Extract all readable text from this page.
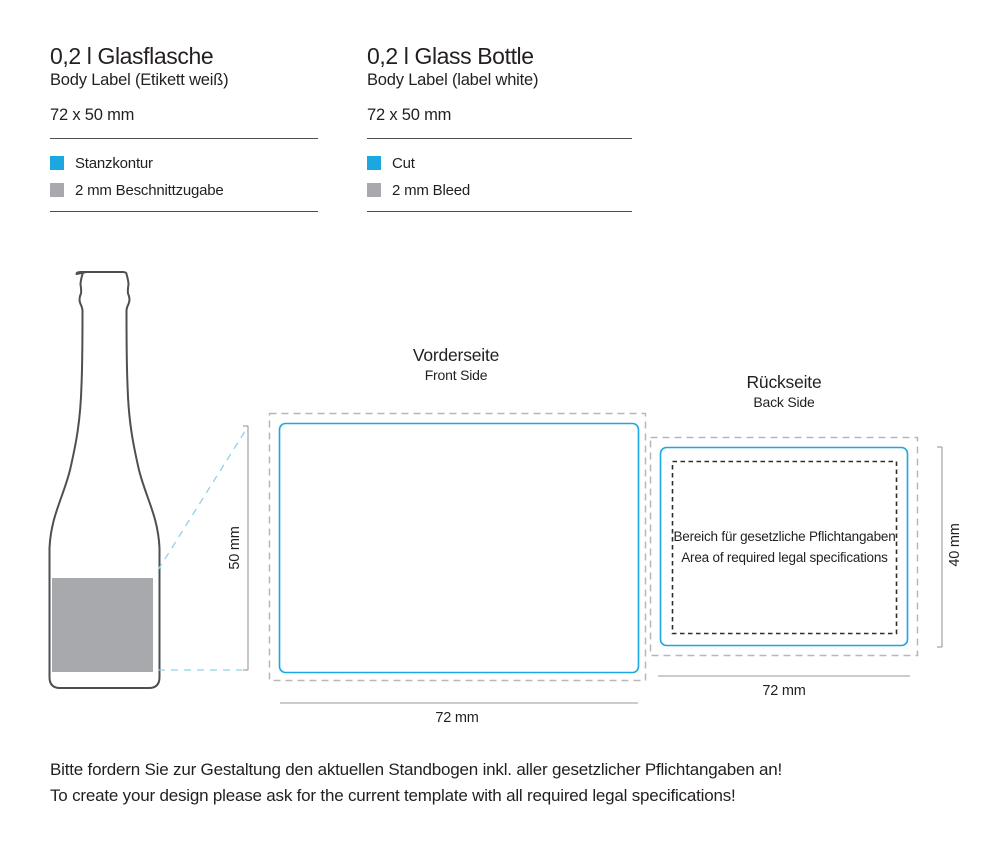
0,2 l Glasflasche
Body Label (Etikett weiß)
72 x 50 mm
Stanzkontur
2 mm Beschnittzugabe
0,2 l Glass Bottle
Body Label (label white)
72 x 50 mm
Cut
2 mm Bleed
Vorderseite
Front Side	Rückseite
Back Side
Bereich für gesetzliche Pflichtangaben
Area of required legal specifications
50 mm
72 mm
72 mm
40 mm
Bitte fordern Sie zur Gestaltung den aktuellen Standbogen inkl. aller gesetzlicher Pflichtangaben an!
To create your design please ask for the current template with all required legal specifications!
